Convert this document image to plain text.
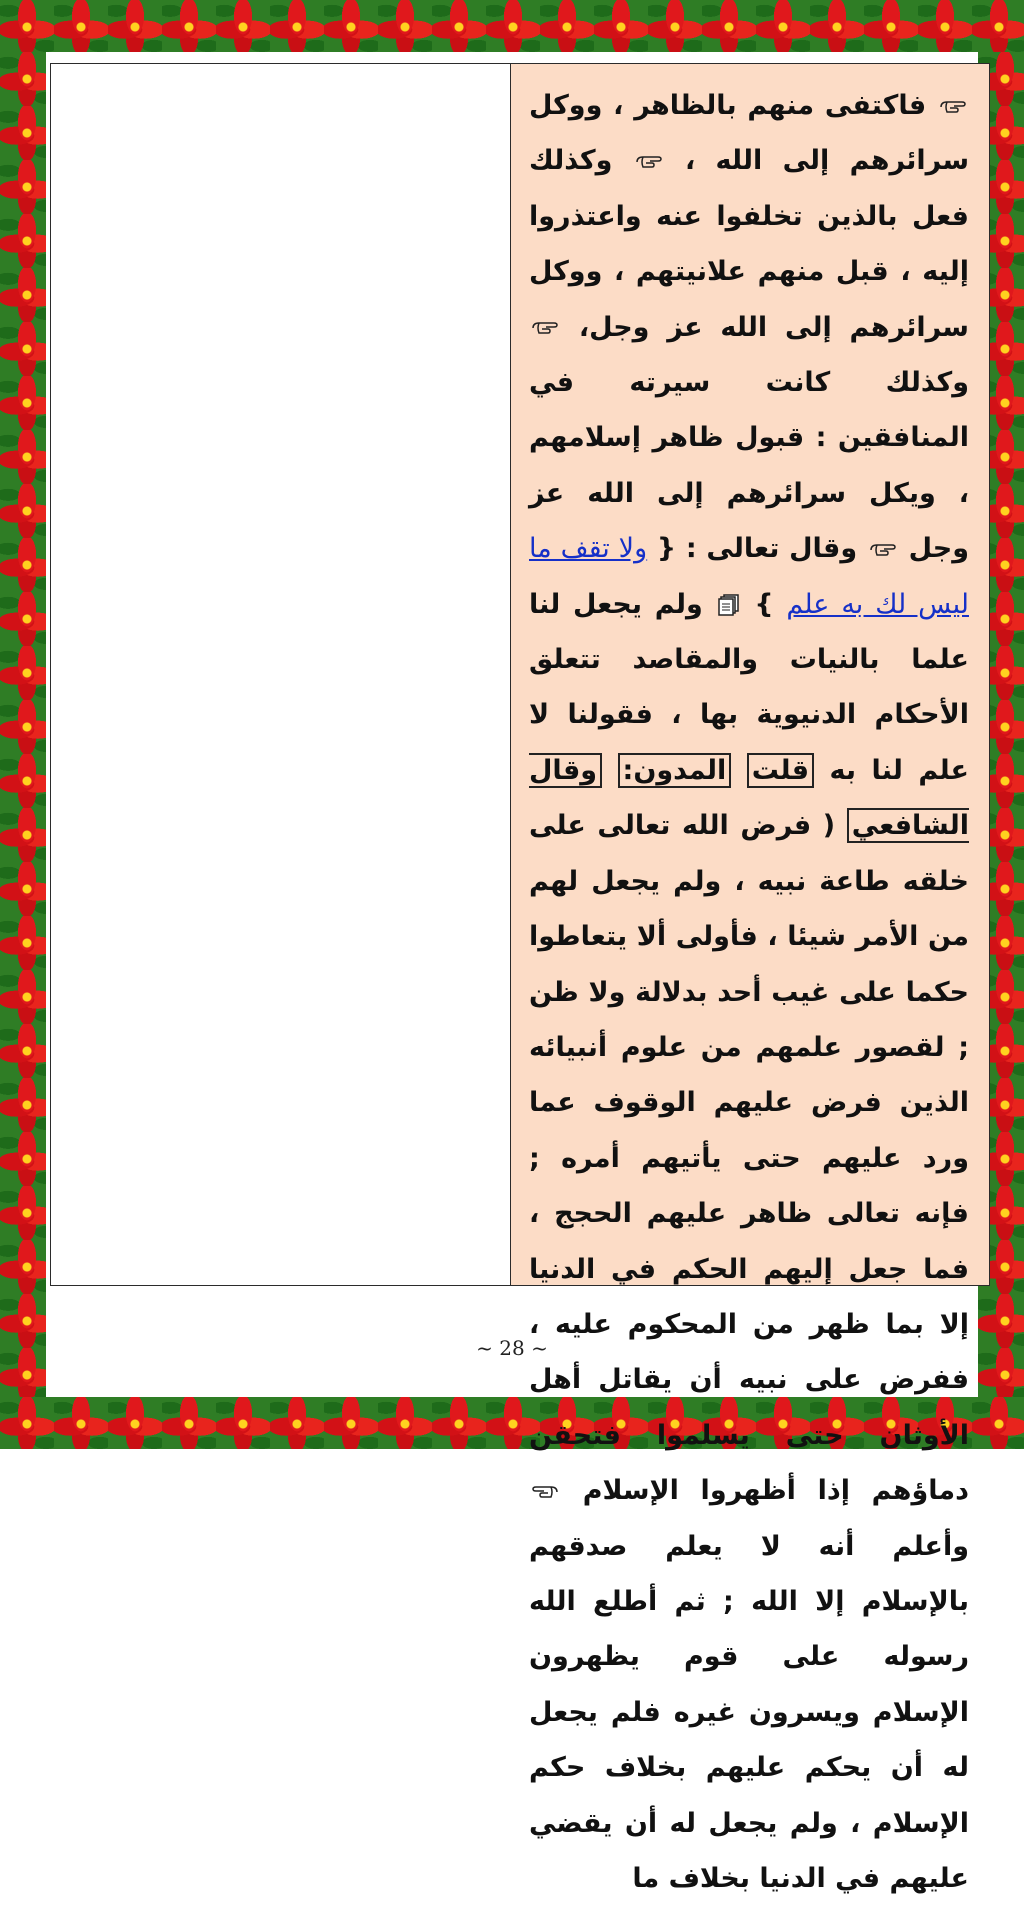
فاكتفى منهم بالظاهر ، ووكل سرائرهم إلى الله ،  وكذلك فعل بالذين تخلفوا عنه واعتذروا إليه ، قبل منهم علانيتهم ، ووكل سرائرهم إلى الله عز وجل،  وكذلك كانت سيرته في المنافقين : قبول ظاهر إسلامهم ، ويكل سرائرهم إلى الله عز وجل  وقال تعالى : { ولا تقف ما ليس لك به علم }  ولم يجعل لنا علما بالنيات والمقاصد تتعلق الأحكام الدنيوية بها ، فقولنا لا علم لنا به قلت المدون: وقال الشافعي ( فرض الله تعالى على خلقه طاعة نبيه ، ولم يجعل لهم من الأمر شيئا ، فأولى ألا يتعاطوا حكما على غيب أحد بدلالة ولا ظن ; لقصور علمهم من علوم أنبيائه الذين فرض عليهم الوقوف عما ورد عليهم حتى يأتيهم أمره ; فإنه تعالى ظاهر عليهم الحجج ، فما جعل إليهم الحكم في الدنيا إلا بما ظهر من المحكوم عليه ، ففرض على نبيه أن يقاتل أهل الأوثان حتى يسلموا فتحقن دماؤهم إذا أظهروا الإسلام  وأعلم أنه لا يعلم صدقهم بالإسلام إلا الله ; ثم أطلع الله رسوله على قوم يظهرون الإسلام ويسرون غيره فلم يجعل له أن يحكم عليهم بخلاف حكم الإسلام ، ولم يجعل له أن يقضي عليهم في الدنيا بخلاف ما

~ 28 ~
